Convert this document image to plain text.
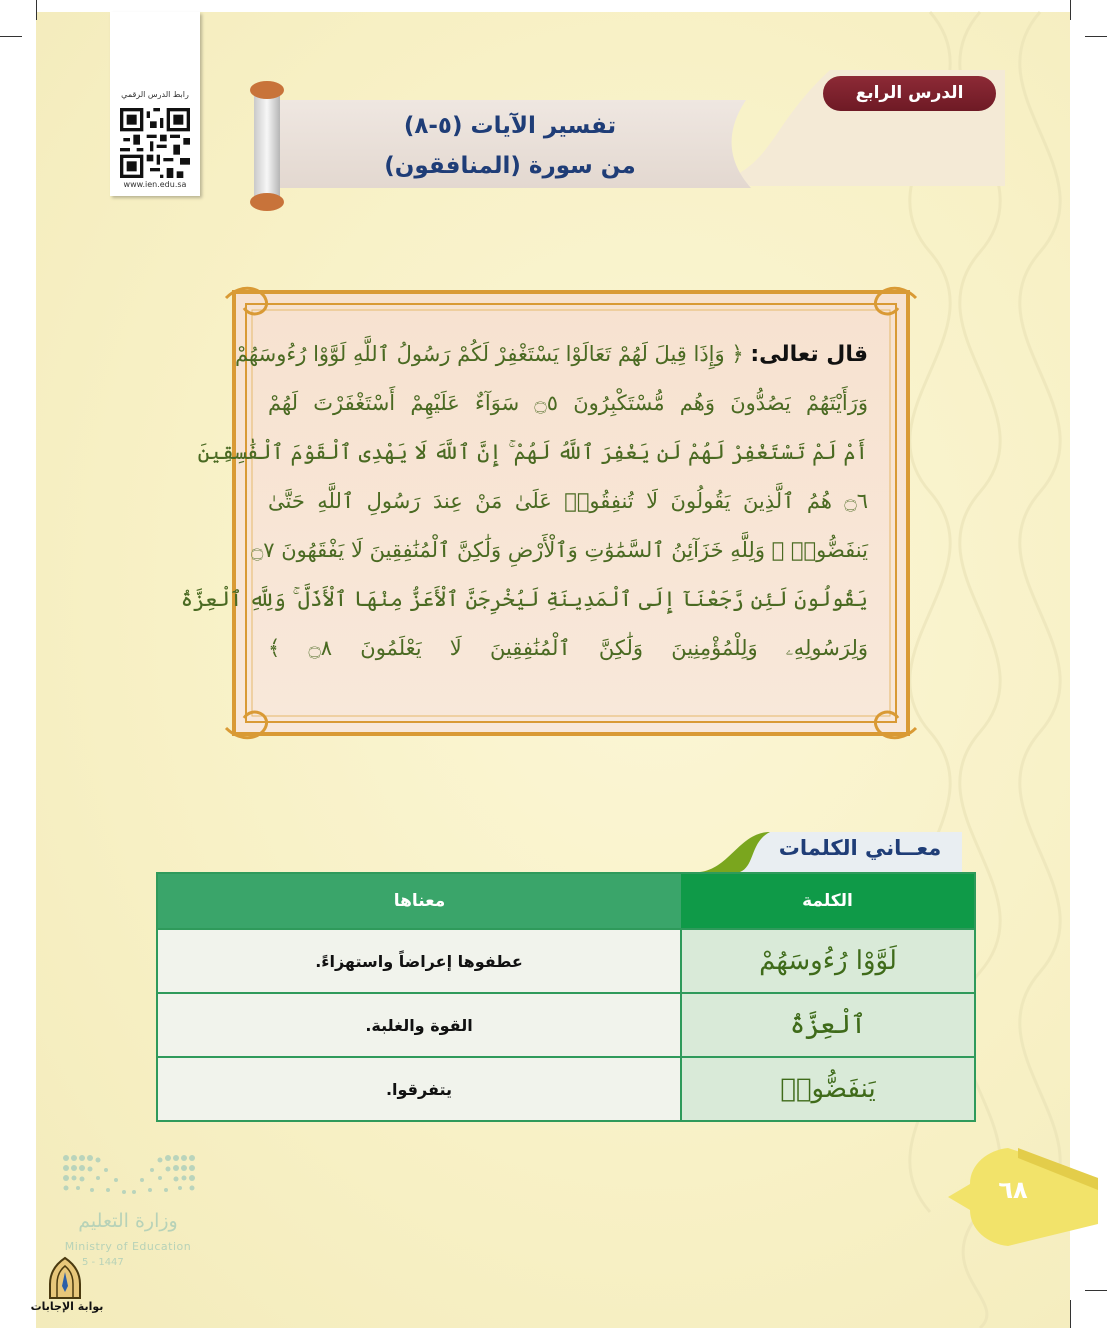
رابط الدرس الرقمي
www.ien.edu.sa
الدرس الرابع
تفسير الآيات (٥-٨)
من سورة (المنافقون)
قال تعالى: ﴿ وَإِذَا قِيلَ لَهُمْ تَعَالَوْا يَسْتَغْفِرْ لَكُمْ رَسُولُ ٱللَّهِ لَوَّوْا رُءُوسَهُمْ
وَرَأَيْتَهُمْ يَصُدُّونَ وَهُم مُّسْتَكْبِرُونَ ۝٥ سَوَآءٌ عَلَيْهِمْ أَسْتَغْفَرْتَ لَهُمْ
أَمْ لَمْ تَسْتَغْفِرْ لَهُمْ لَن يَغْفِرَ ٱللَّهُ لَهُمْ ۚ إِنَّ ٱللَّهَ لَا يَهْدِى ٱلْقَوْمَ ٱلْفَٰسِقِينَ
۝٦ هُمُ ٱلَّذِينَ يَقُولُونَ لَا تُنفِقُوا۟ عَلَىٰ مَنْ عِندَ رَسُولِ ٱللَّهِ حَتَّىٰ
يَنفَضُّوا۟ ۗ وَلِلَّهِ خَزَآئِنُ ٱلسَّمَٰوَٰتِ وَٱلْأَرْضِ وَلَٰكِنَّ ٱلْمُنَٰفِقِينَ لَا يَفْقَهُونَ ۝٧
يَقُولُونَ لَئِن رَّجَعْنَآ إِلَى ٱلْمَدِينَةِ لَيُخْرِجَنَّ ٱلْأَعَزُّ مِنْهَا ٱلْأَذَلَّ ۚ وَلِلَّهِ ٱلْعِزَّةُ
وَلِرَسُولِهِۦ وَلِلْمُؤْمِنِينَ وَلَٰكِنَّ ٱلْمُنَٰفِقِينَ لَا يَعْلَمُونَ ۝٨ ﴾
معــاني الكلمات
الكلمة	معناها
لَوَّوْا رُءُوسَهُمْ	عطفوها إعراضاً واستهزاءً.
ٱلْعِزَّةُ	القوة والغلبة.
يَنفَضُّوا۟	يتفرقوا.
٦٨
وزارة التعليم
Ministry of Education
5 - 1447
بوابة الإجابات
